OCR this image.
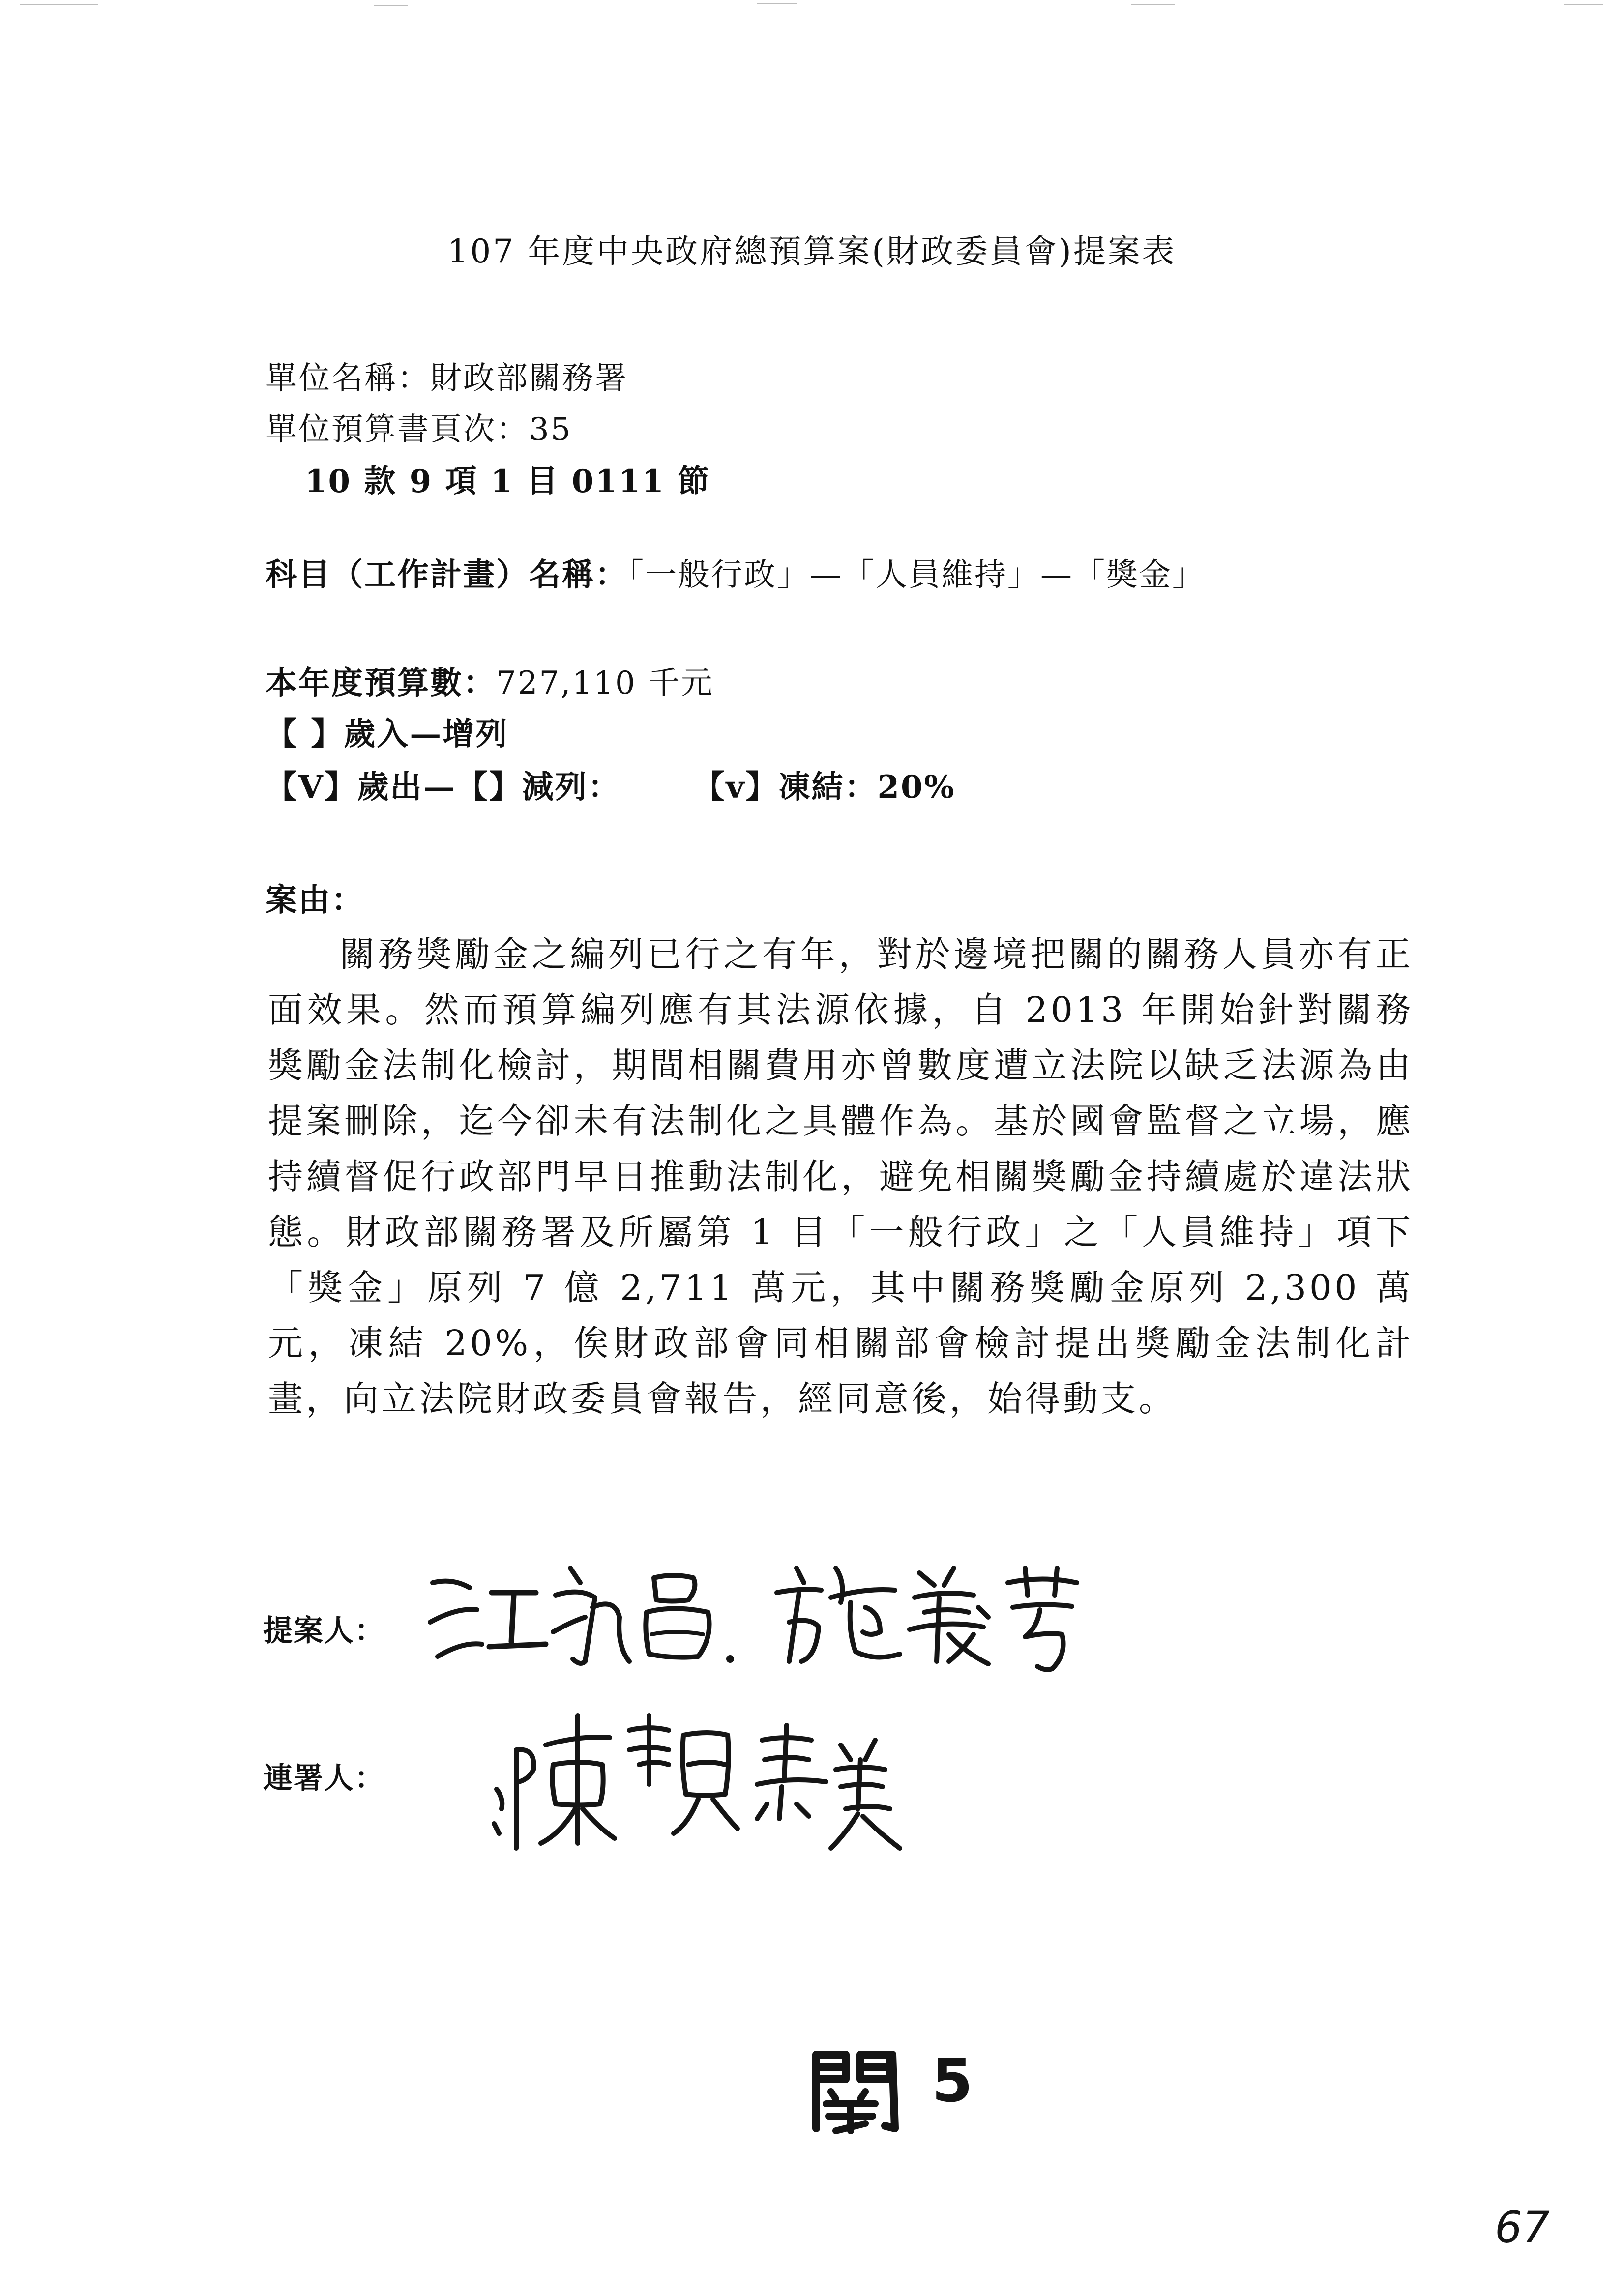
107 年度中央政府總預算案(財政委員會)提案表
單位名稱：財政部關務署
單位預算書頁次：35
10 款 9 項 1 目 0111 節
科目（工作計畫）名稱：「一般行政」—「人員維持」—「獎金」
本年度預算數：727,110 千元
【 】歲入—增列
【V】歲出—【】減列： 【v】凍結：20%
案由：
關務獎勵金之編列已行之有年，對於邊境把關的關務人員亦有正面效果。然而預算編列應有其法源依據，自 2013 年開始針對關務獎勵金法制化檢討，期間相關費用亦曾數度遭立法院以缺乏法源為由提案刪除，迄今卻未有法制化之具體作為。基於國會監督之立場，應持續督促行政部門早日推動法制化，避免相關獎勵金持續處於違法狀態。財政部關務署及所屬第 1 目「一般行政」之「人員維持」項下「獎金」原列 7 億 2,711 萬元，其中關務獎勵金原列 2,300 萬元，凍結 20%，俟財政部會同相關部會檢討提出獎勵金法制化計畫，向立法院財政委員會報告，經同意後，始得動支。
提案人：
連署人：
5
67
